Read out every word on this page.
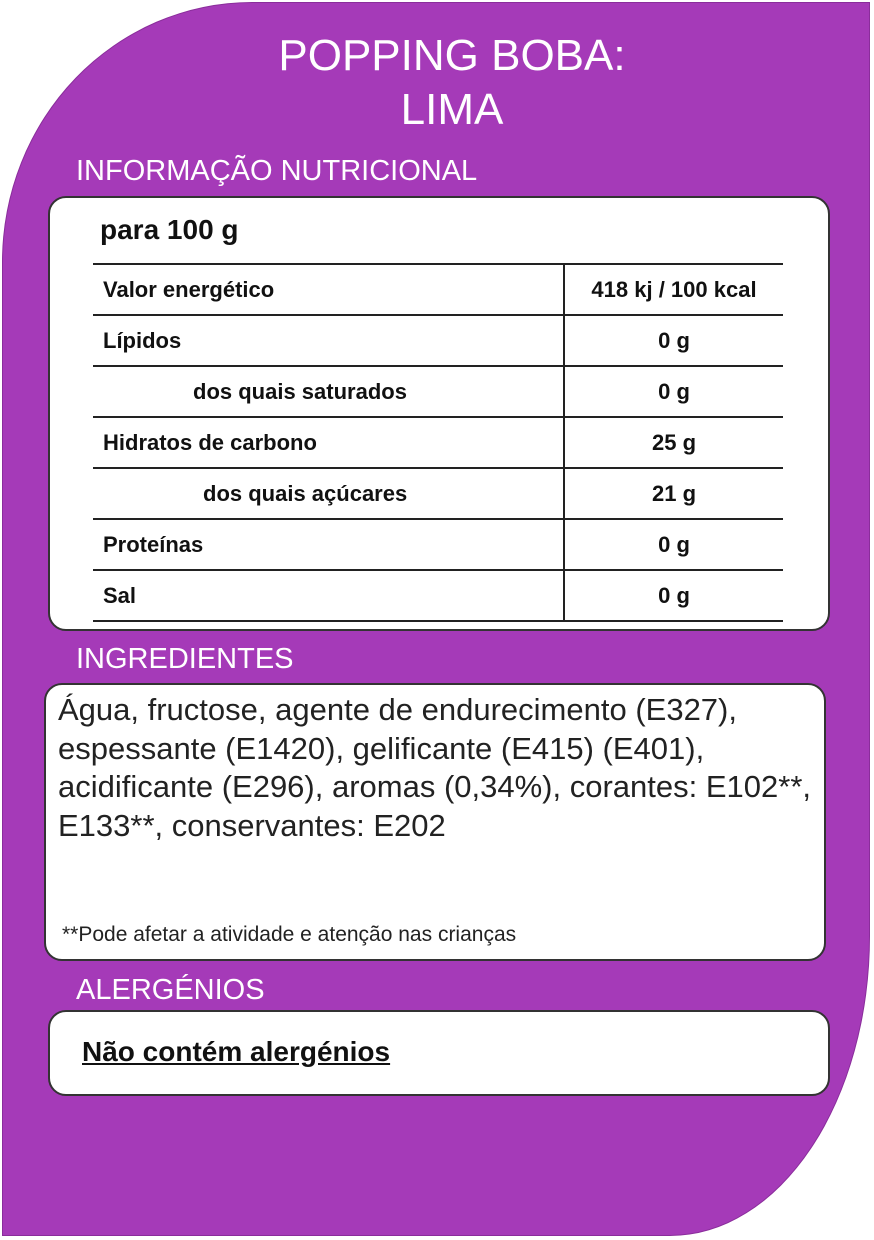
POPPING BOBA:
LIMA
INFORMAÇÃO NUTRICIONAL
para 100 g
Valor energético	418 kj / 100 kcal
Lípidos	0 g
dos quais saturados	0 g
Hidratos de carbono	25 g
dos quais açúcares	21 g
Proteínas	0 g
Sal	0 g
INGREDIENTES
Água, fructose, agente de endurecimento (E327), espessante (E1420), gelificante (E415) (E401), acidificante (E296), aromas (0,34%), corantes: E102**, E133**, conservantes: E202
**Pode afetar a atividade e atenção nas crianças
ALERGÉNIOS
Não contém alergénios
